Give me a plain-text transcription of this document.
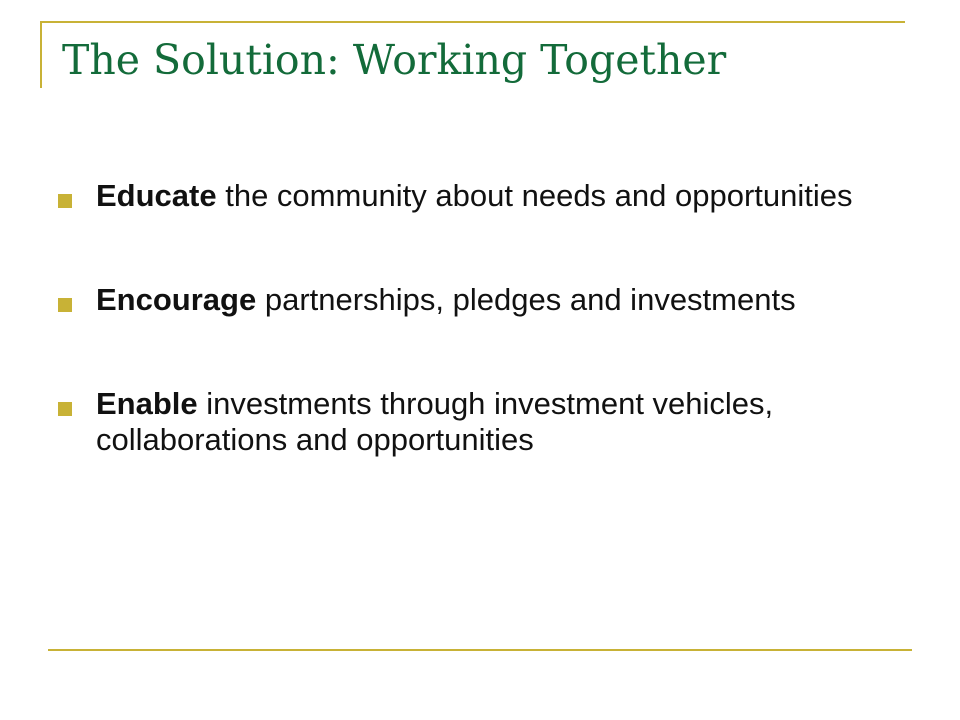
The Solution: Working Together
Educate the community about needs and opportunities
Encourage partnerships, pledges and investments
Enable investments through investment vehicles, collaborations and opportunities
